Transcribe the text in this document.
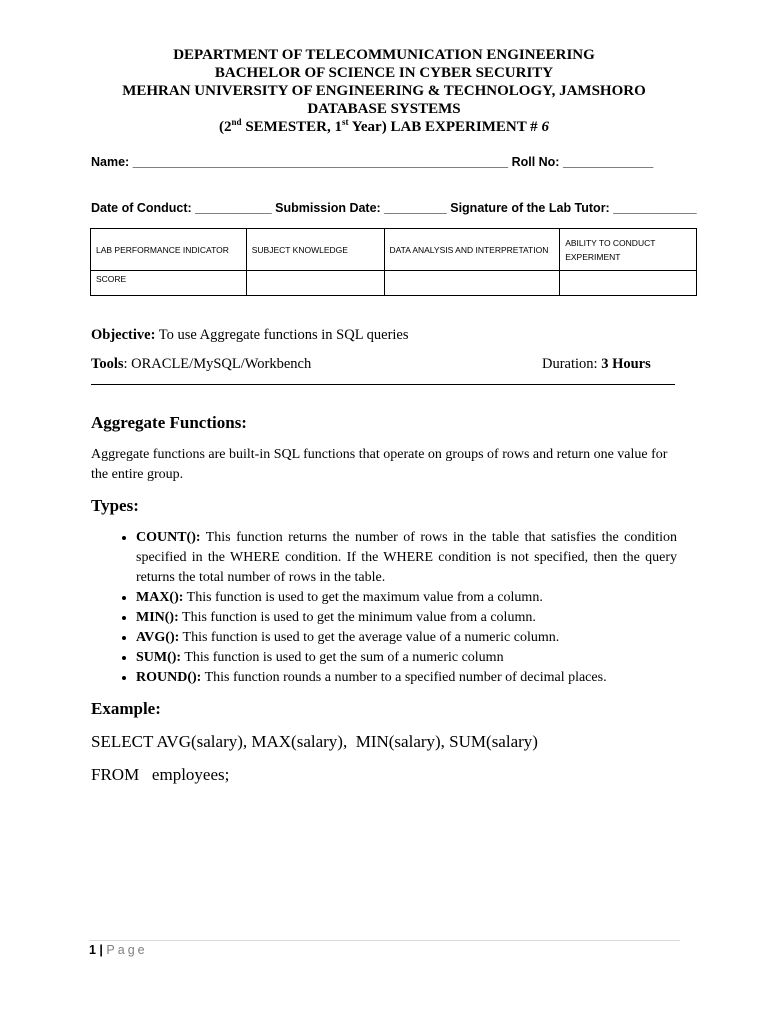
DEPARTMENT OF TELECOMMUNICATION ENGINEERING
BACHELOR OF SCIENCE IN CYBER SECURITY
MEHRAN UNIVERSITY OF ENGINEERING & TECHNOLOGY, JAMSHORO
DATABASE SYSTEMS
(2nd SEMESTER, 1st Year) LAB EXPERIMENT # 6
Name: ______________________________________________________ Roll No: _____________
Date of Conduct: ___________ Submission Date: _________ Signature of the Lab Tutor: ____________
LAB PERFORMANCE INDICATOR	SUBJECT KNOWLEDGE	DATA ANALYSIS AND INTERPRETATION	ABILITY TO CONDUCT EXPERIMENT
SCORE			
Objective: To use Aggregate functions in SQL queries
Tools: ORACLE/MySQL/Workbench	Duration: 3 Hours
Aggregate Functions:
Aggregate functions are built-in SQL functions that operate on groups of rows and return one value for the entire group.
Types:
• COUNT(): This function returns the number of rows in the table that satisfies the condition specified in the WHERE condition. If the WHERE condition is not specified, then the query returns the total number of rows in the table.
• MAX(): This function is used to get the maximum value from a column.
• MIN(): This function is used to get the minimum value from a column.
• AVG(): This function is used to get the average value of a numeric column.
• SUM(): This function is used to get the sum of a numeric column
• ROUND(): This function rounds a number to a specified number of decimal places.
Example:
SELECT AVG(salary), MAX(salary),  MIN(salary), SUM(salary)
FROM   employees;
1 | Page
